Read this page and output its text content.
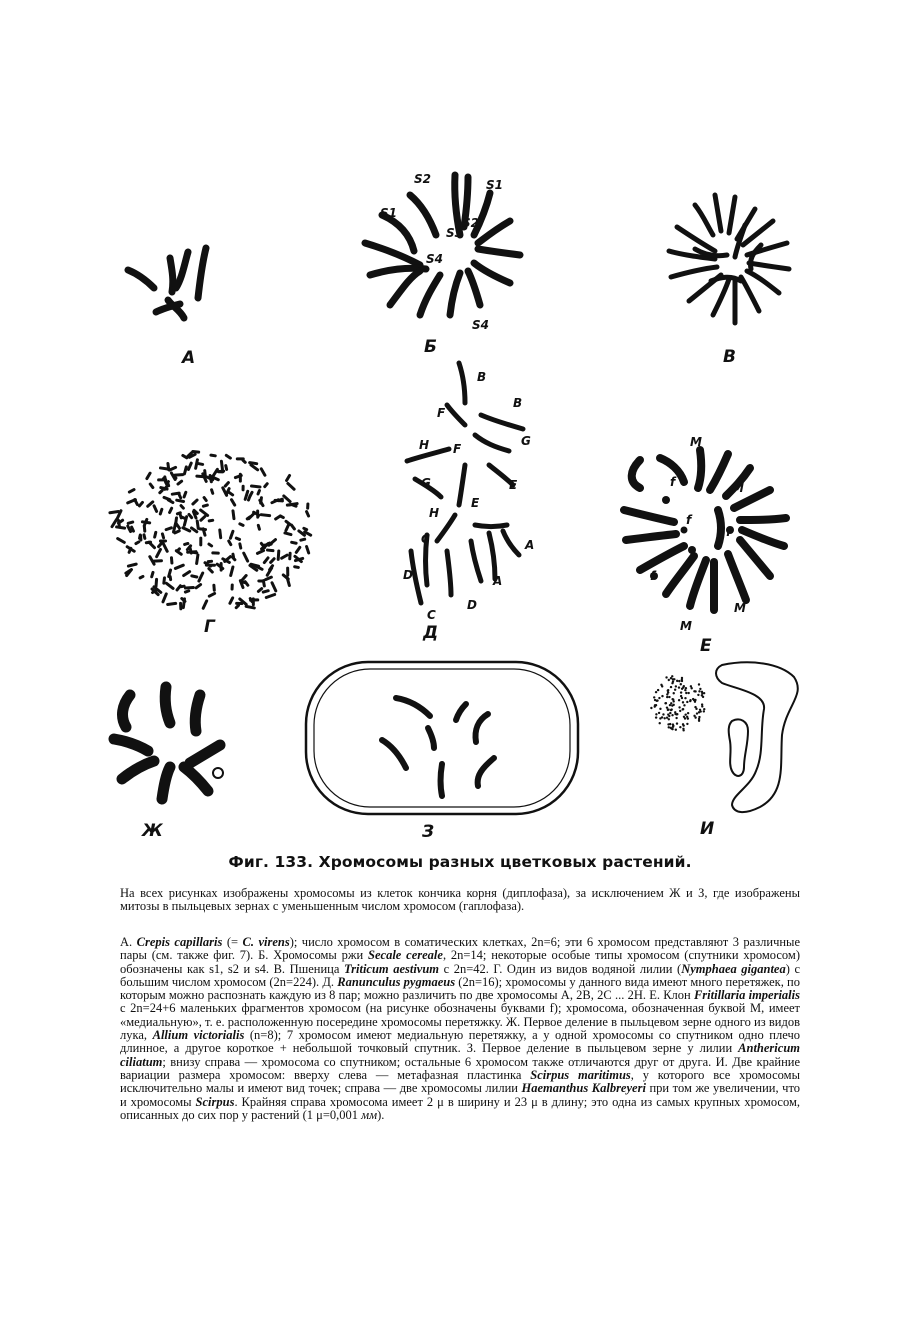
А
S2	S1
S1
S2
S4
S4
S3
Б	В
Г
B
B
F
F
G
H
G
E
E
H
C	A
D	A
D
C
Д
M
M
f
f
f
f
M
M
Е
Ж	З	И
Фиг. 133. Хромосомы разных цветковых растений.
На всех рисунках изображены хромосомы из клеток кончика корня (диплофаза), за исключением Ж и З, где изображены митозы в пыльцевых зернах с уменьшенным числом хромосом (гаплофаза).
А. Crepis capillaris (= C. virens); число хромосом в соматических клетках, 2n=6; эти 6 хромосом представляют 3 различные пары (см. также фиг. 7). Б. Хромосомы ржи Secale cereale, 2n=14; некоторые особые типы хромосом (спутники хромосом) обозначены как s1, s2 и s4. В. Пшеница Triticum aestivum с 2n=42. Г. Один из видов водяной лилии (Nymphaea gigantea) с большим числом хромосом (2n=224). Д. Ranunculus pygmaeus (2n=16); хромосомы у данного вида имеют много перетяжек, по которым можно распознать каждую из 8 пар; можно различить по две хромосомы А, 2В, 2С ... 2Н. Е. Клон Fritillaria imperialis с 2n=24+6 маленьких фрагментов хромосом (на рисунке обозначены буквами f); хромосома, обозначенная буквой М, имеет «медиальную», т. е. расположенную посередине хромосомы перетяжку. Ж. Первое деление в пыльцевом зерне одного из видов лука, Allium victorialis (n=8); 7 хромосом имеют медиальную перетяжку, а у одной хромосомы со спутником одно плечо длинное, а другое короткое + небольшой точковый спутник. З. Первое деление в пыльцевом зерне у лилии Anthericum ciliatum; внизу справа — хромосома со спутником; остальные 6 хромосом также отличаются друг от друга. И. Две крайние вариации размера хромосом: вверху слева — метафазная пластинка Scirpus maritimus, у которого все хромосомы исключительно малы и имеют вид точек; справа — две хромосомы лилии Haemanthus Kalbreyeri при том же увеличении, что и хромосомы Scirpus. Крайняя справа хромосома имеет 2 μ в ширину и 23 μ в длину; это одна из самых крупных хромосом, описанных до сих пор у растений (1 μ=0,001 мм).
